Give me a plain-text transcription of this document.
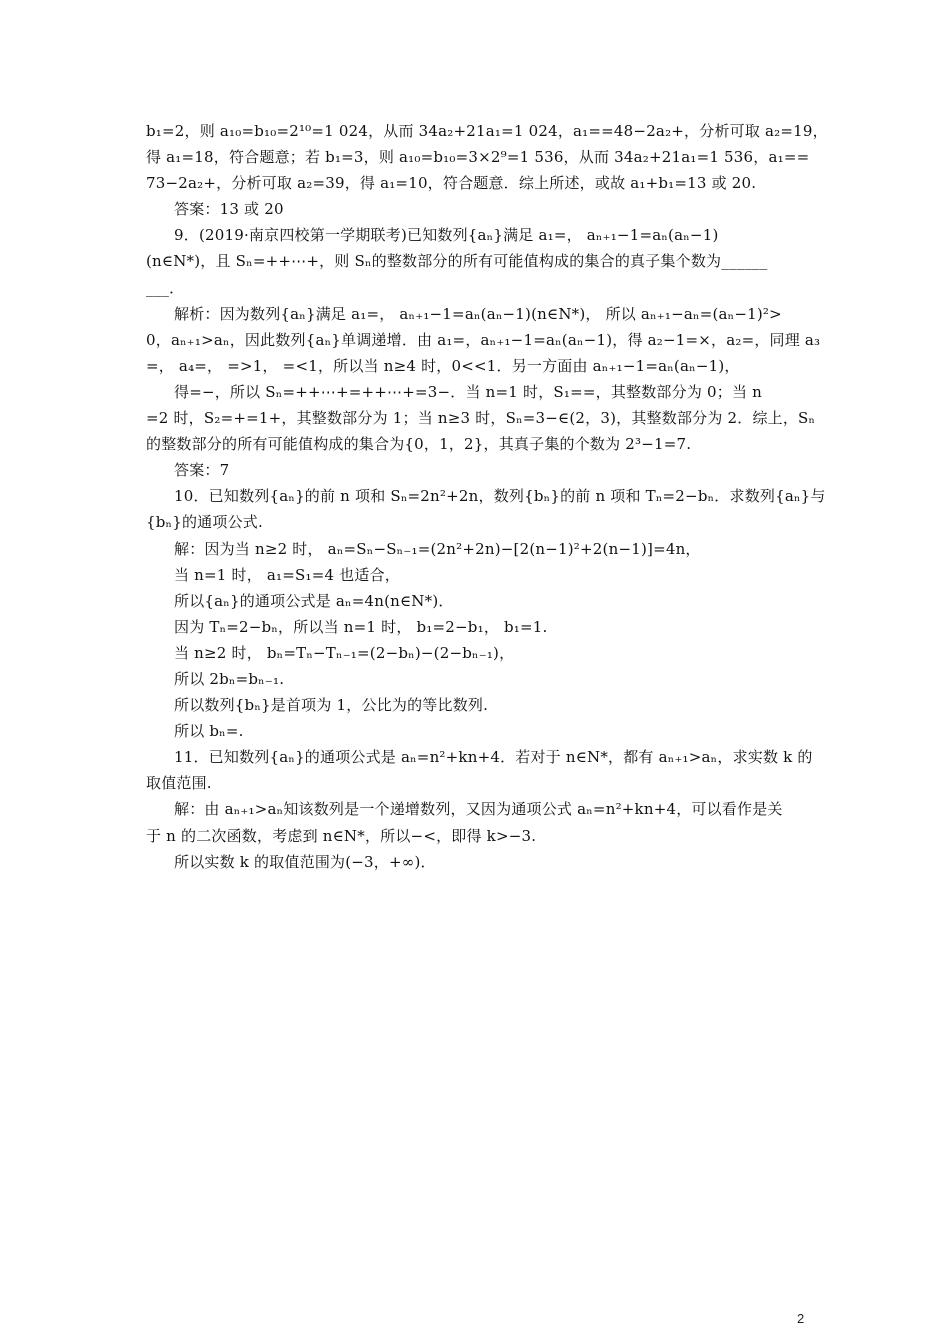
b₁=2，则 a₁₀=b₁₀=2¹⁰=1 024，从而 34a₂+21a₁=1 024，a₁==48−2a₂+，分析可取 a₂=19，
得 a₁=18，符合题意；若 b₁=3，则 a₁₀=b₁₀=3×2⁹=1 536，从而 34a₂+21a₁=1 536，a₁==
73−2a₂+，分析可取 a₂=39，得 a₁=10，符合题意．综上所述，或故 a₁+b₁=13 或 20.
答案：13 或 20
9．(2019·南京四校第一学期联考)已知数列{aₙ}满足 a₁=， aₙ₊₁−1=aₙ(aₙ−1)
(n∈N*)，且 Sₙ=++⋯+，则 Sₙ的整数部分的所有可能值构成的集合的真子集个数为______
___．
解析：因为数列{aₙ}满足 a₁=， aₙ₊₁−1=aₙ(aₙ−1)(n∈N*)， 所以 aₙ₊₁−aₙ=(aₙ−1)²>
0，aₙ₊₁>aₙ，因此数列{aₙ}单调递增．由 a₁=，aₙ₊₁−1=aₙ(aₙ−1)，得 a₂−1=×，a₂=，同理 a₃
=， a₄=， =>1， =<1，所以当 n≥4 时，0<<1．另一方面由 aₙ₊₁−1=aₙ(aₙ−1)，
得=−，所以 Sₙ=++⋯+=++⋯+=3−．当 n=1 时，S₁==，其整数部分为 0；当 n
=2 时，S₂=+=1+，其整数部分为 1；当 n≥3 时，Sₙ=3−∈(2，3)，其整数部分为 2．综上，Sₙ
的整数部分的所有可能值构成的集合为{0，1，2}，其真子集的个数为 2³−1=7.
答案：7
10．已知数列{aₙ}的前 n 项和 Sₙ=2n²+2n，数列{bₙ}的前 n 项和 Tₙ=2−bₙ．求数列{aₙ}与
{bₙ}的通项公式.
解：因为当 n≥2 时， aₙ=Sₙ−Sₙ₋₁=(2n²+2n)−[2(n−1)²+2(n−1)]=4n，
当 n=1 时， a₁=S₁=4 也适合，
所以{aₙ}的通项公式是 aₙ=4n(n∈N*)．
因为 Tₙ=2−bₙ，所以当 n=1 时， b₁=2−b₁， b₁=1.
当 n≥2 时， bₙ=Tₙ−Tₙ₋₁=(2−bₙ)−(2−bₙ₋₁)，
所以 2bₙ=bₙ₋₁.
所以数列{bₙ}是首项为 1，公比为的等比数列.
所以 bₙ=.
11．已知数列{aₙ}的通项公式是 aₙ=n²+kn+4．若对于 n∈N*，都有 aₙ₊₁>aₙ，求实数 k 的
取值范围.
解：由 aₙ₊₁>aₙ知该数列是一个递增数列，又因为通项公式 aₙ=n²+kn+4，可以看作是关
于 n 的二次函数，考虑到 n∈N*，所以−<，即得 k>−3.
所以实数 k 的取值范围为(−3，+∞)．
2
